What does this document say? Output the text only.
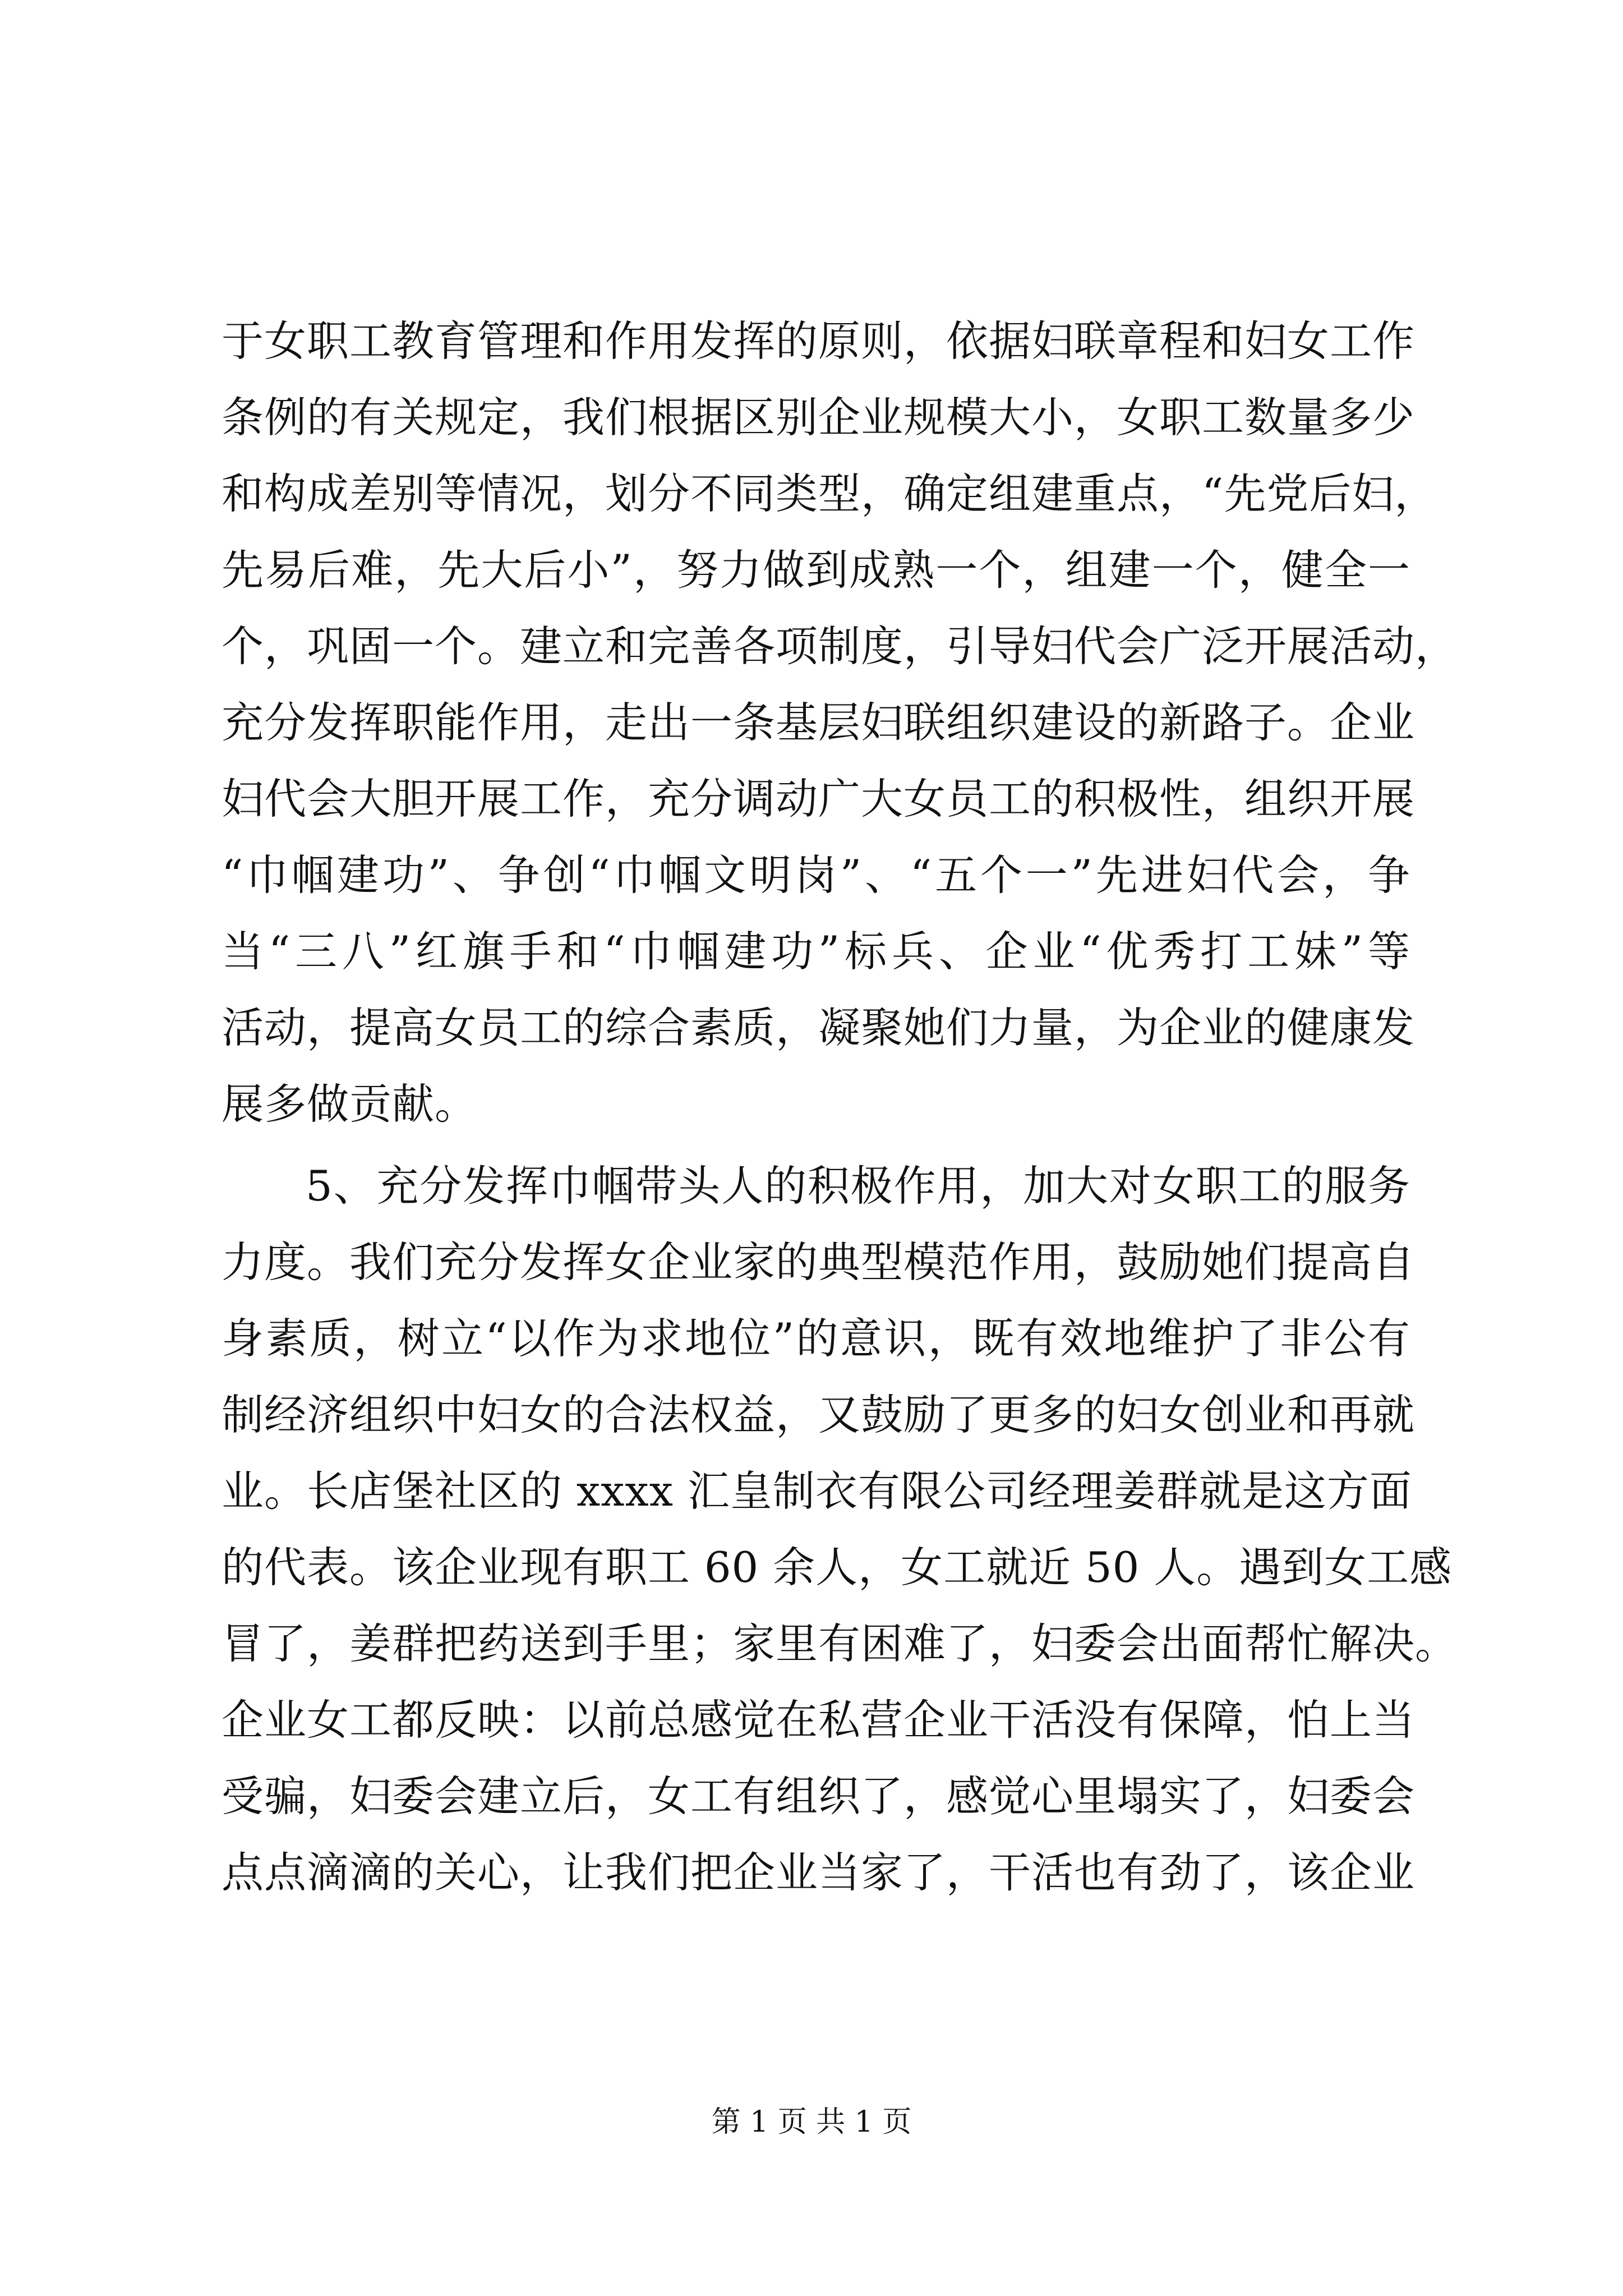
于女职工教育管理和作用发挥的原则，依据妇联章程和妇女工作
条例的有关规定，我们根据区别企业规模大小，女职工数量多少
和构成差别等情况，划分不同类型，确定组建重点，“先党后妇，
先易后难，先大后小”，努力做到成熟一个，组建一个，健全一
个，巩固一个。建立和完善各项制度，引导妇代会广泛开展活动，
充分发挥职能作用，走出一条基层妇联组织建设的新路子。企业
妇代会大胆开展工作，充分调动广大女员工的积极性，组织开展
“巾帼建功”、争创“巾帼文明岗”、“五个一”先进妇代会，争
当“三八”红旗手和“巾帼建功”标兵、企业“优秀打工妹”等
活动，提高女员工的综合素质，凝聚她们力量，为企业的健康发
展多做贡献。
5、充分发挥巾帼带头人的积极作用，加大对女职工的服务
力度。我们充分发挥女企业家的典型模范作用，鼓励她们提高自
身素质，树立“以作为求地位”的意识，既有效地维护了非公有
制经济组织中妇女的合法权益，又鼓励了更多的妇女创业和再就
业。长店堡社区的 xxxx 汇皇制衣有限公司经理姜群就是这方面
的代表。该企业现有职工 60 余人，女工就近 50 人。遇到女工感
冒了，姜群把药送到手里；家里有困难了，妇委会出面帮忙解决。
企业女工都反映：以前总感觉在私营企业干活没有保障，怕上当
受骗，妇委会建立后，女工有组织了，感觉心里塌实了，妇委会
点点滴滴的关心，让我们把企业当家了，干活也有劲了，该企业
第 1 页 共 1 页
